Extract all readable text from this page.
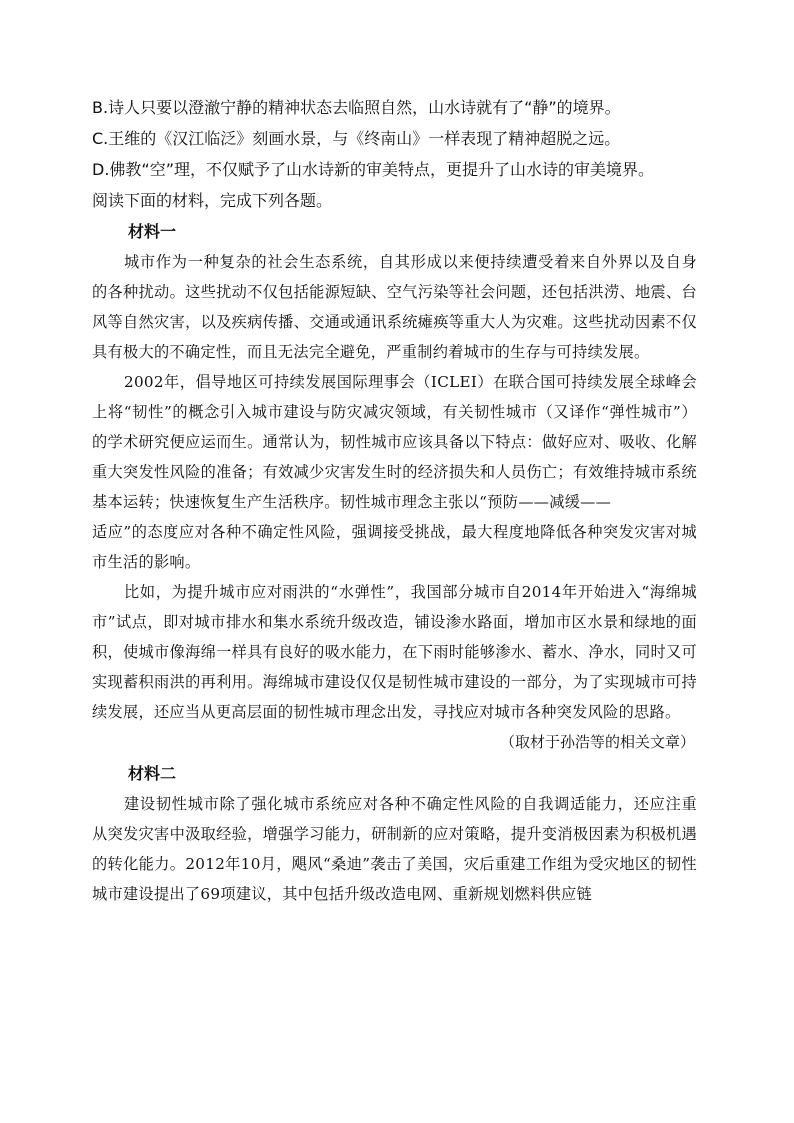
B.诗人只要以澄澈宁静的精神状态去临照自然，山水诗就有了“静”的境界。

C.王维的《汉江临泛》刻画水景，与《终南山》一样表现了精神超脱之远。

D.佛教“空”理，不仅赋予了山水诗新的审美特点，更提升了山水诗的审美境界。

阅读下面的材料，完成下列各题。

材料一

城市作为一种复杂的社会生态系统，自其形成以来便持续遭受着来自外界以及自身的各种扰动。这些扰动不仅包括能源短缺、空气污染等社会问题，还包括洪涝、地震、台风等自然灾害，以及疾病传播、交通或通讯系统瘫痪等重大人为灾难。这些扰动因素不仅具有极大的不确定性，而且无法完全避免，严重制约着城市的生存与可持续发展。

2002年，倡导地区可持续发展国际理事会（ICLEI）在联合国可持续发展全球峰会上将“韧性”的概念引入城市建设与防灾减灾领域，有关韧性城市（又译作“弹性城市”）的学术研究便应运而生。通常认为，韧性城市应该具备以下特点：做好应对、吸收、化解重大突发性风险的准备；有效减少灾害发生时的经济损失和人员伤亡；有效维持城市系统基本运转；快速恢复生产生活秩序。韧性城市理念主张以“预防——减缓——

适应”的态度应对各种不确定性风险，强调接受挑战，最大程度地降低各种突发灾害对城市生活的影响。

比如，为提升城市应对雨洪的“水弹性”，我国部分城市自2014年开始进入“海绵城市”试点，即对城市排水和集水系统升级改造，铺设渗水路面，增加市区水景和绿地的面积，使城市像海绵一样具有良好的吸水能力，在下雨时能够渗水、蓄水、净水，同时又可实现蓄积雨洪的再利用。海绵城市建设仅仅是韧性城市建设的一部分，为了实现城市可持续发展，还应当从更高层面的韧性城市理念出发，寻找应对城市各种突发风险的思路。

（取材于孙浩等的相关文章）

材料二

建设韧性城市除了强化城市系统应对各种不确定性风险的自我调适能力，还应注重从突发灾害中汲取经验，增强学习能力，研制新的应对策略，提升变消极因素为积极机遇的转化能力。2012年10月，飓风“桑迪”袭击了美国，灾后重建工作组为受灾地区的韧性城市建设提出了69项建议，其中包括升级改造电网、重新规划燃料供应链
